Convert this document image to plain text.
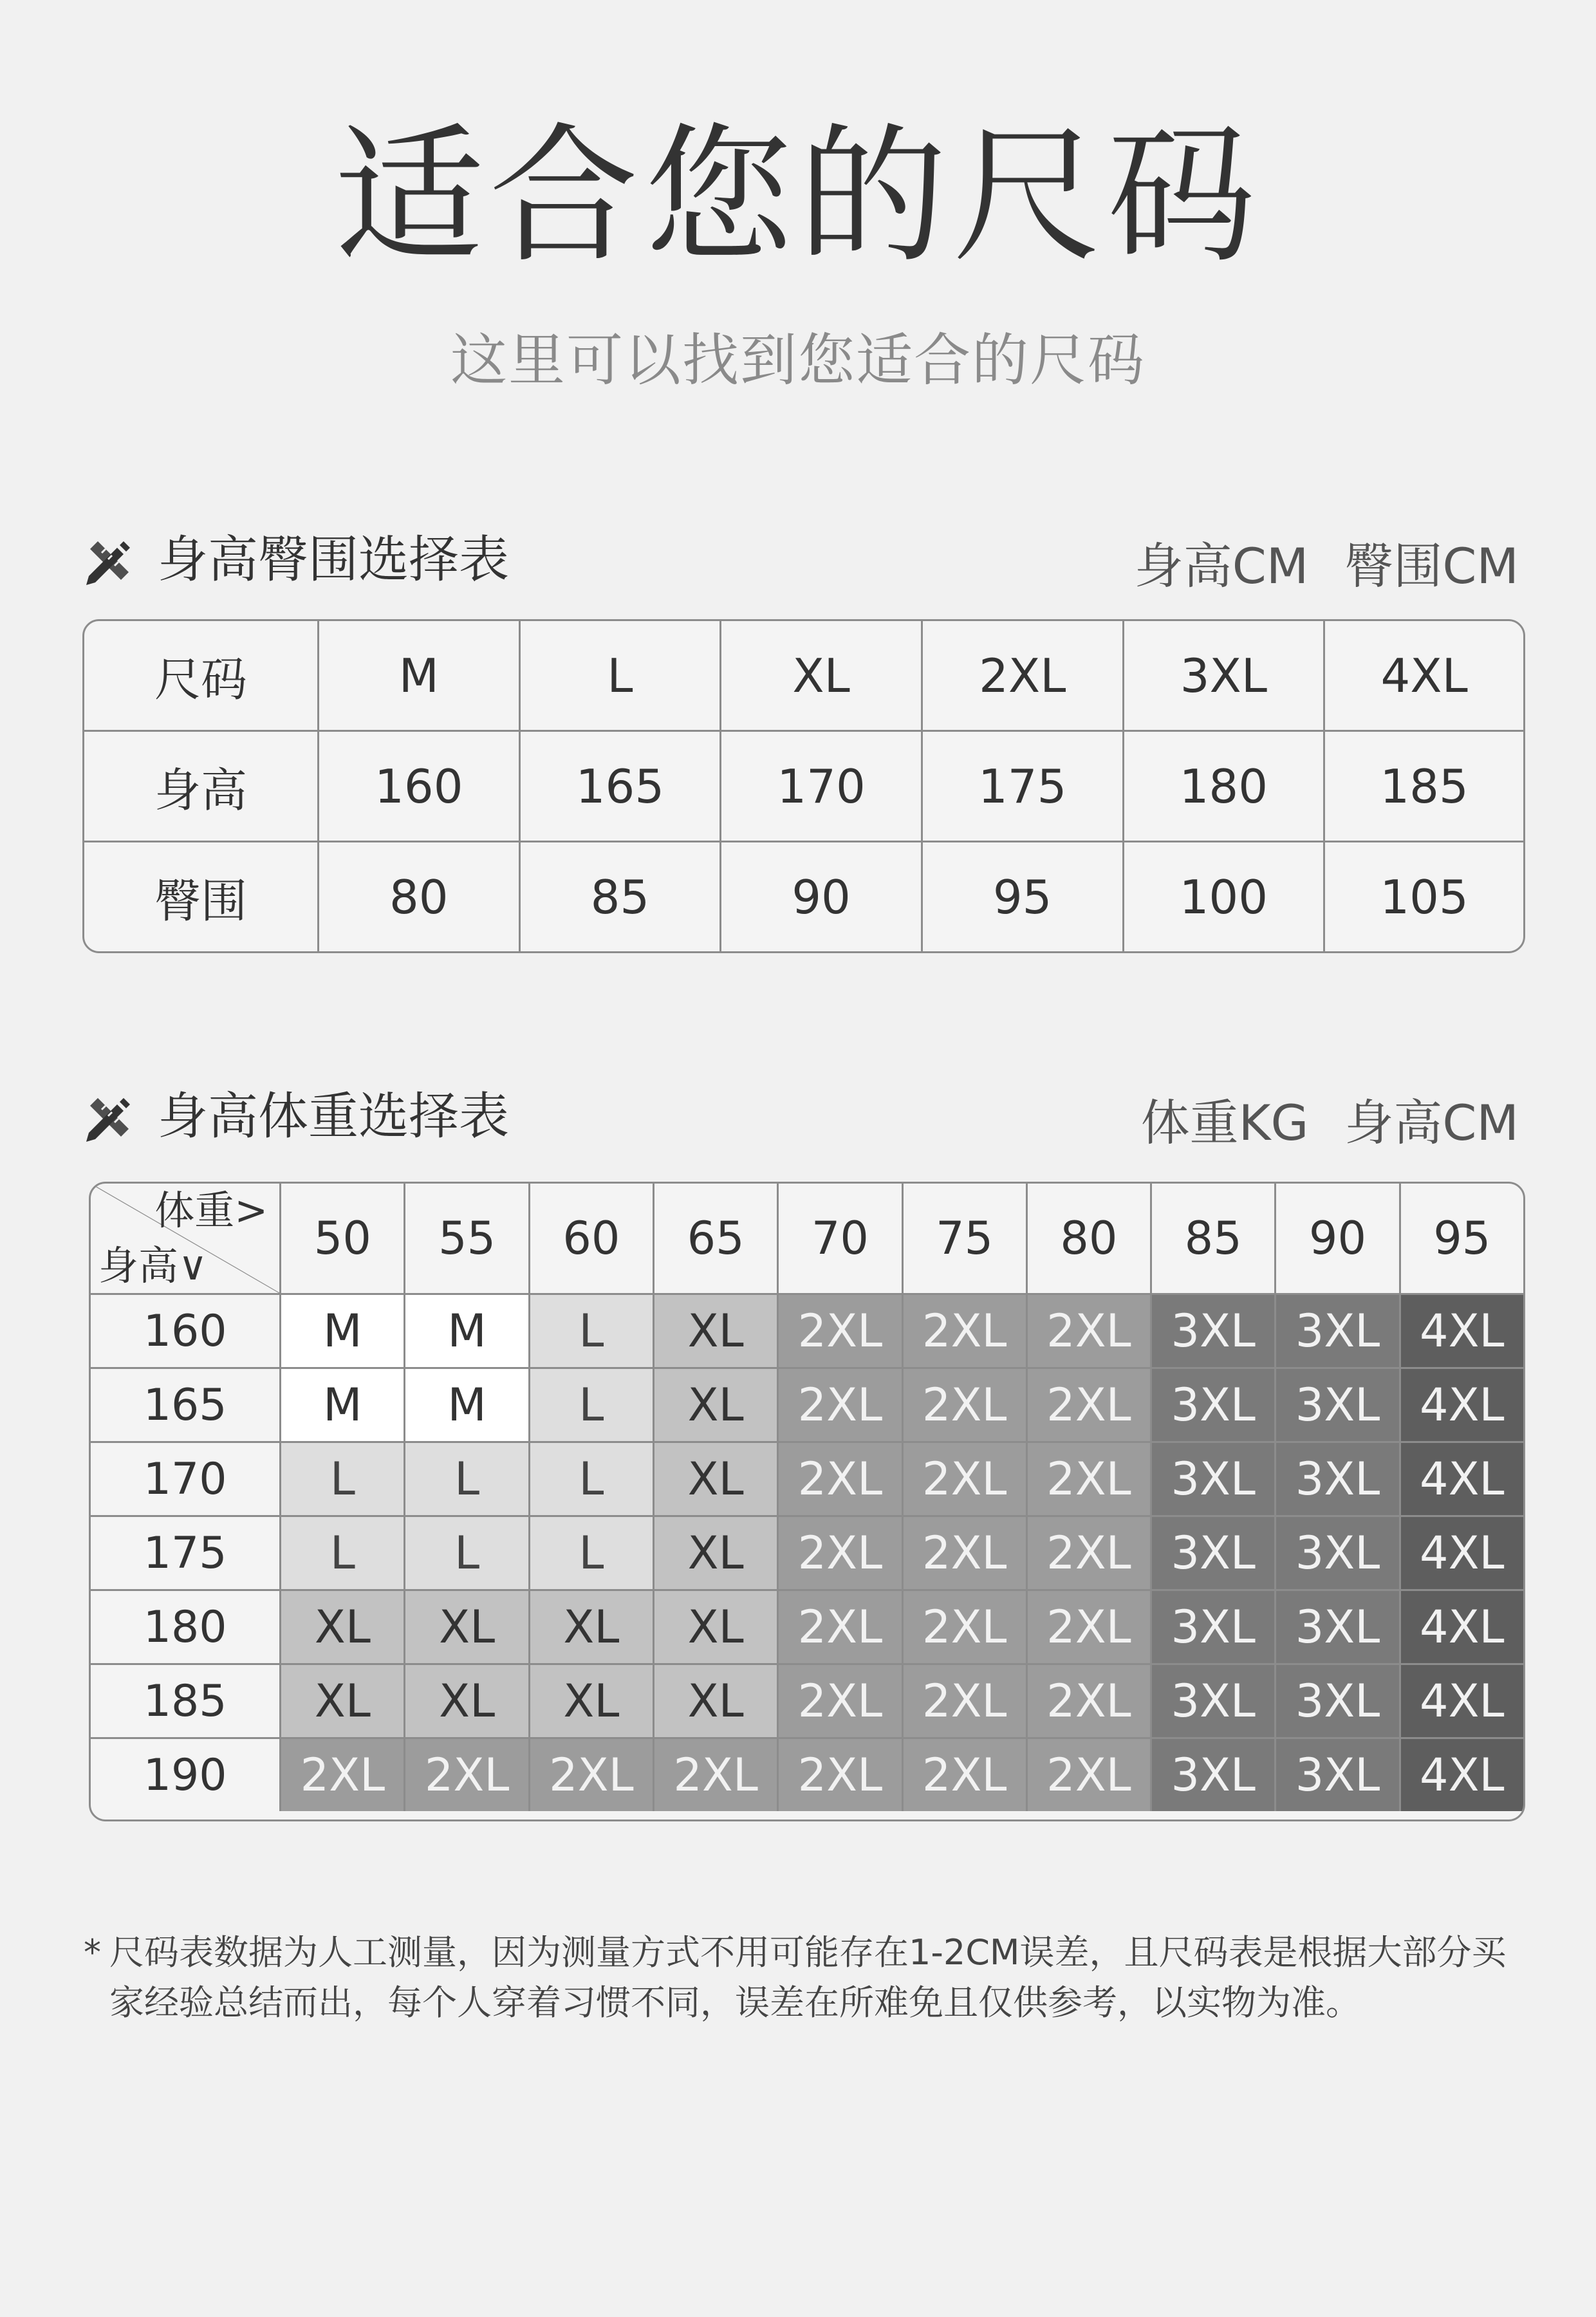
适合您的尺码
这里可以找到您适合的尺码
身高臀围选择表	身高CM 臀围CM
尺码	M	L	XL	2XL	3XL	4XL
身高	160	165	170	175	180	185
臀围	80	85	90	95	100	105
身高体重选择表	体重KG 身高CM
体重>
身高∨	50	55	60	65	70	75	80	85	90	95
160	M	M	L	XL	2XL	2XL	2XL	3XL	3XL	4XL
165	M	M	L	XL	2XL	2XL	2XL	3XL	3XL	4XL
170	L	L	L	XL	2XL	2XL	2XL	3XL	3XL	4XL
175	L	L	L	XL	2XL	2XL	2XL	3XL	3XL	4XL
180	XL	XL	XL	XL	2XL	2XL	2XL	3XL	3XL	4XL
185	XL	XL	XL	XL	2XL	2XL	2XL	3XL	3XL	4XL
190	2XL	2XL	2XL	2XL	2XL	2XL	2XL	3XL	3XL	4XL
* 尺码表数据为人工测量，因为测量方式不用可能存在1-2CM误差，且尺码表是根据大部分买家经验总结而出，每个人穿着习惯不同，误差在所难免且仅供参考，以实物为准。
